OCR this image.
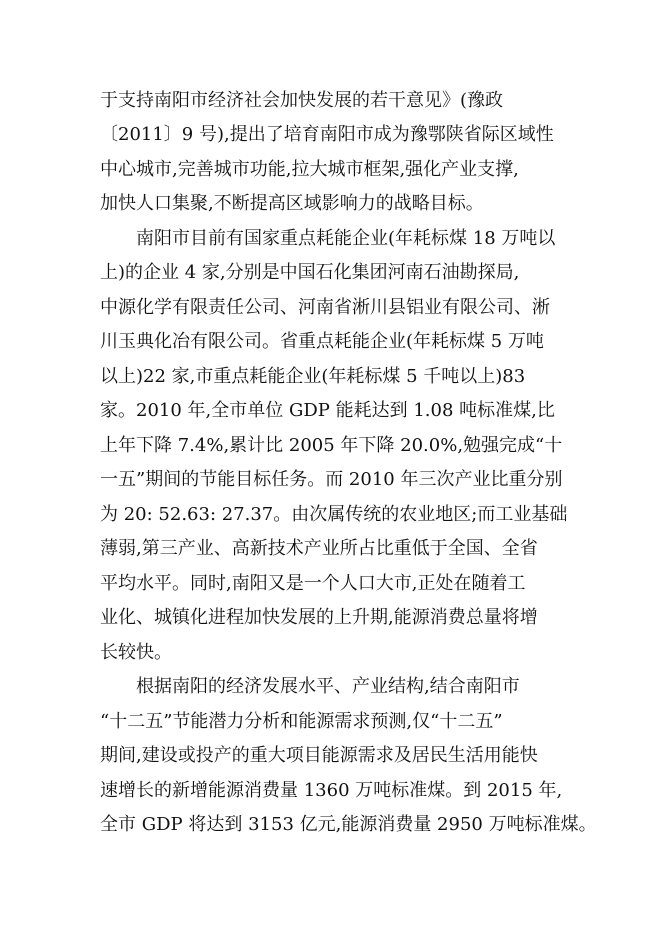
于支持南阳市经济社会加快发展的若干意见》(豫政
〔2011〕9 号),提出了培育南阳市成为豫鄂陕省际区域性
中心城市,完善城市功能,拉大城市框架,强化产业支撑,
加快人口集聚,不断提高区域影响力的战略目标。
南阳市目前有国家重点耗能企业(年耗标煤 18 万吨以
上)的企业 4 家,分别是中国石化集团河南石油勘探局,
中源化学有限责任公司、河南省淅川县铝业有限公司、淅
川玉典化冶有限公司。省重点耗能企业(年耗标煤 5 万吨
以上)22 家,市重点耗能企业(年耗标煤 5 千吨以上)83
家。2010 年,全市单位 GDP 能耗达到 1.08 吨标准煤,比
上年下降 7.4%,累计比 2005 年下降 20.0%,勉强完成“十
一五”期间的节能目标任务。而 2010 年三次产业比重分别
为 20: 52.63: 27.37。由次属传统的农业地区;而工业基础
薄弱,第三产业、高新技术产业所占比重低于全国、全省
平均水平。同时,南阳又是一个人口大市,正处在随着工
业化、城镇化进程加快发展的上升期,能源消费总量将增
长较快。
根据南阳的经济发展水平、产业结构,结合南阳市
“十二五”节能潜力分析和能源需求预测,仅“十二五”
期间,建设或投产的重大项目能源需求及居民生活用能快
速增长的新增能源消费量 1360 万吨标准煤。到 2015 年,
全市 GDP 将达到 3153 亿元,能源消费量 2950 万吨标准煤。
